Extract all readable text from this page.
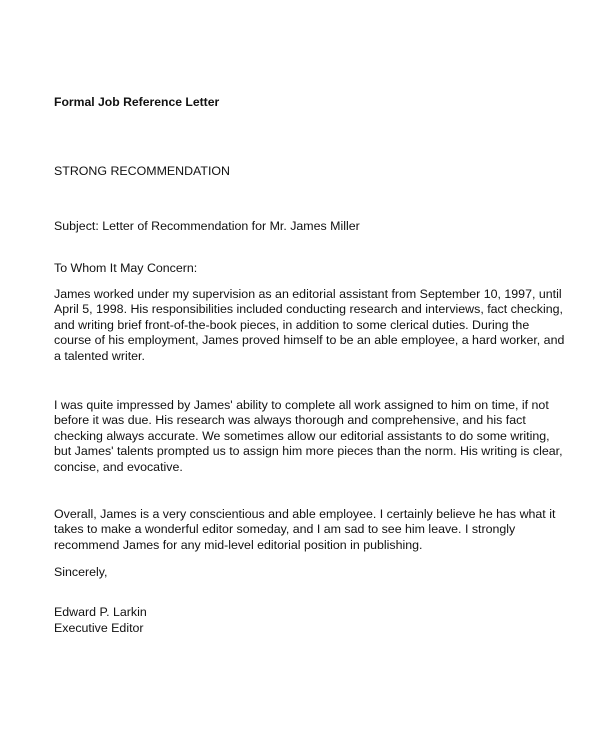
Formal Job Reference Letter
STRONG RECOMMENDATION
Subject: Letter of Recommendation for Mr. James Miller
To Whom It May Concern:
James worked under my supervision as an editorial assistant from September 10, 1997, until
April 5, 1998. His responsibilities included conducting research and interviews, fact checking,
and writing brief front-of-the-book pieces, in addition to some clerical duties. During the
course of his employment, James proved himself to be an able employee, a hard worker, and
a talented writer.
I was quite impressed by James' ability to complete all work assigned to him on time, if not
before it was due. His research was always thorough and comprehensive, and his fact
checking always accurate. We sometimes allow our editorial assistants to do some writing,
but James' talents prompted us to assign him more pieces than the norm. His writing is clear,
concise, and evocative.
Overall, James is a very conscientious and able employee. I certainly believe he has what it
takes to make a wonderful editor someday, and I am sad to see him leave. I strongly
recommend James for any mid-level editorial position in publishing.
Sincerely,
Edward P. Larkin
Executive Editor
